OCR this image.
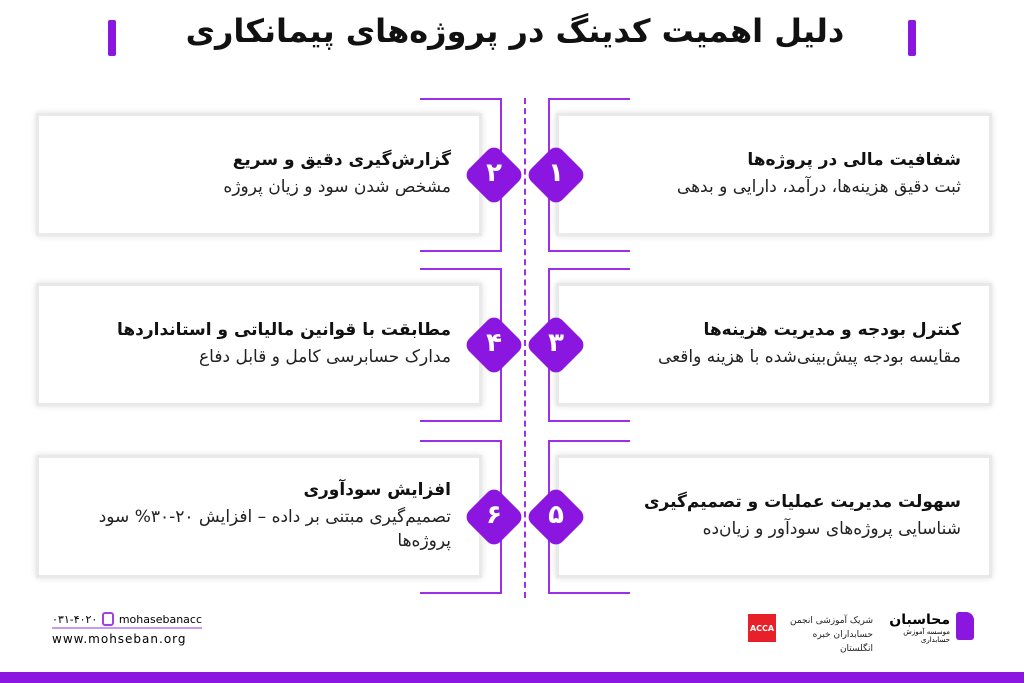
دلیل اهمیت کدینگ در پروژه‌های پیمانکاری
شفافیت مالی در پروژه‌ها
ثبت دقیق هزینه‌ها، درآمد، دارایی و بدهی
۱
گزارش‌گیری دقیق و سریع
مشخص شدن سود و زیان پروژه	۲
کنترل بودجه و مدیریت هزینه‌ها
مقایسه بودجه پیش‌بینی‌شده با هزینه واقعی
۳
مطابقت با قوانین مالیاتی و استانداردها
مدارک حسابرسی کامل و قابل دفاع	۴
سهولت مدیریت عملیات و تصمیم‌گیری
شناسایی پروژه‌های سودآور و زیان‌ده
۵
افزایش سودآوری
تصمیم‌گیری مبتنی بر داده – افزایش ۲۰-۳۰% سود پروژه‌ها
۶
۰۳۱-۴۰۲۰ mohasebanacc
www.mohseban.org
ACCA
شریک آموزشی انجمن
حسابداران خبره انگلستان
محاسبان
موسسه آموزش حسابداری
